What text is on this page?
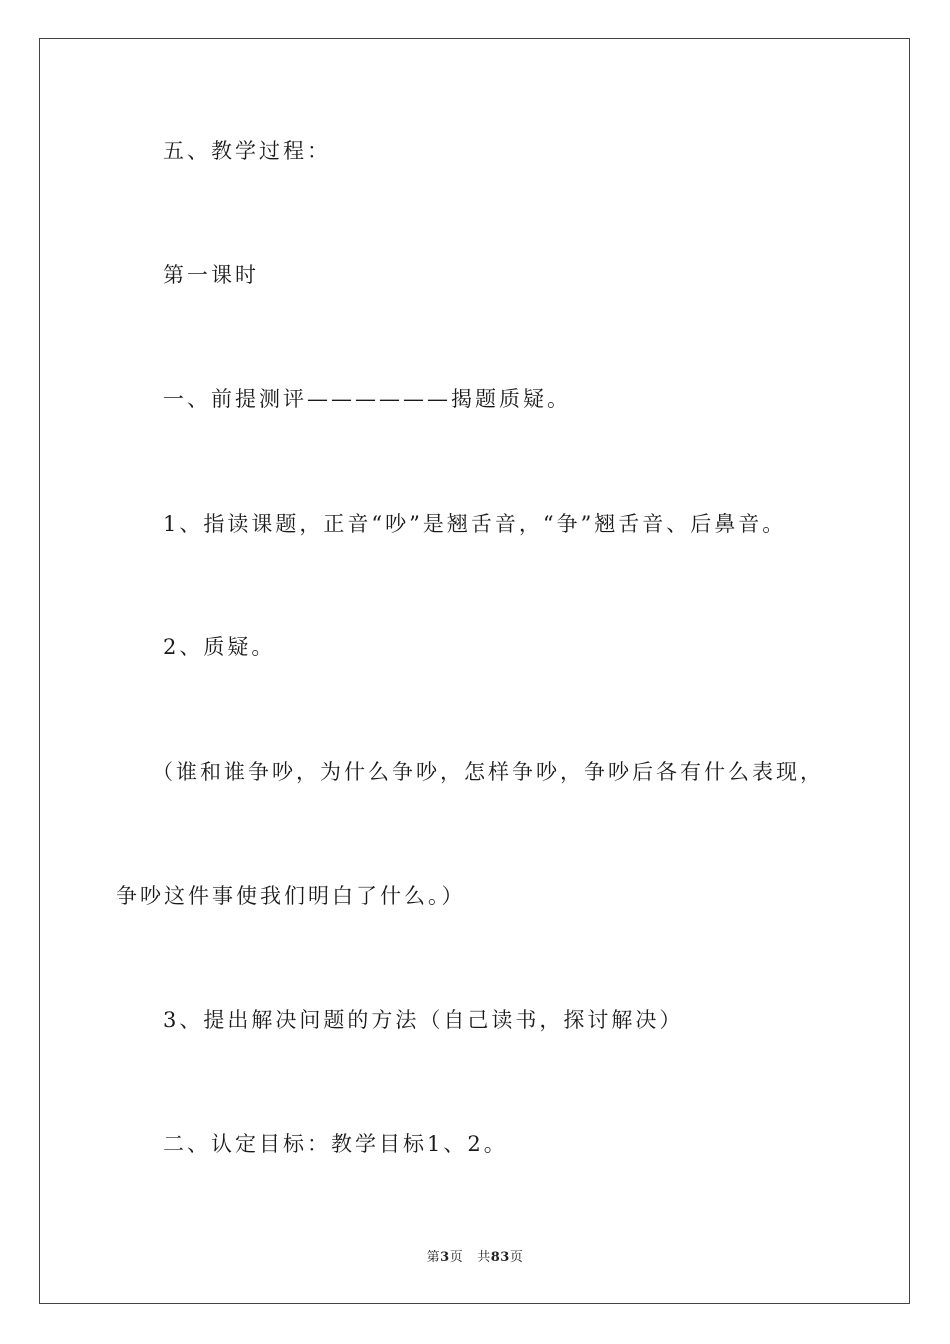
五、教学过程：
第一课时
一、前提测评——————揭题质疑。
1、指读课题，正音“吵”是翘舌音，“争”翘舌音、后鼻音。
2、质疑。
（谁和谁争吵，为什么争吵，怎样争吵，争吵后各有什么表现，
争吵这件事使我们明白了什么。）
3、提出解决问题的方法（自己读书，探讨解决）
二、认定目标：教学目标1、2。
第3页 共83页
